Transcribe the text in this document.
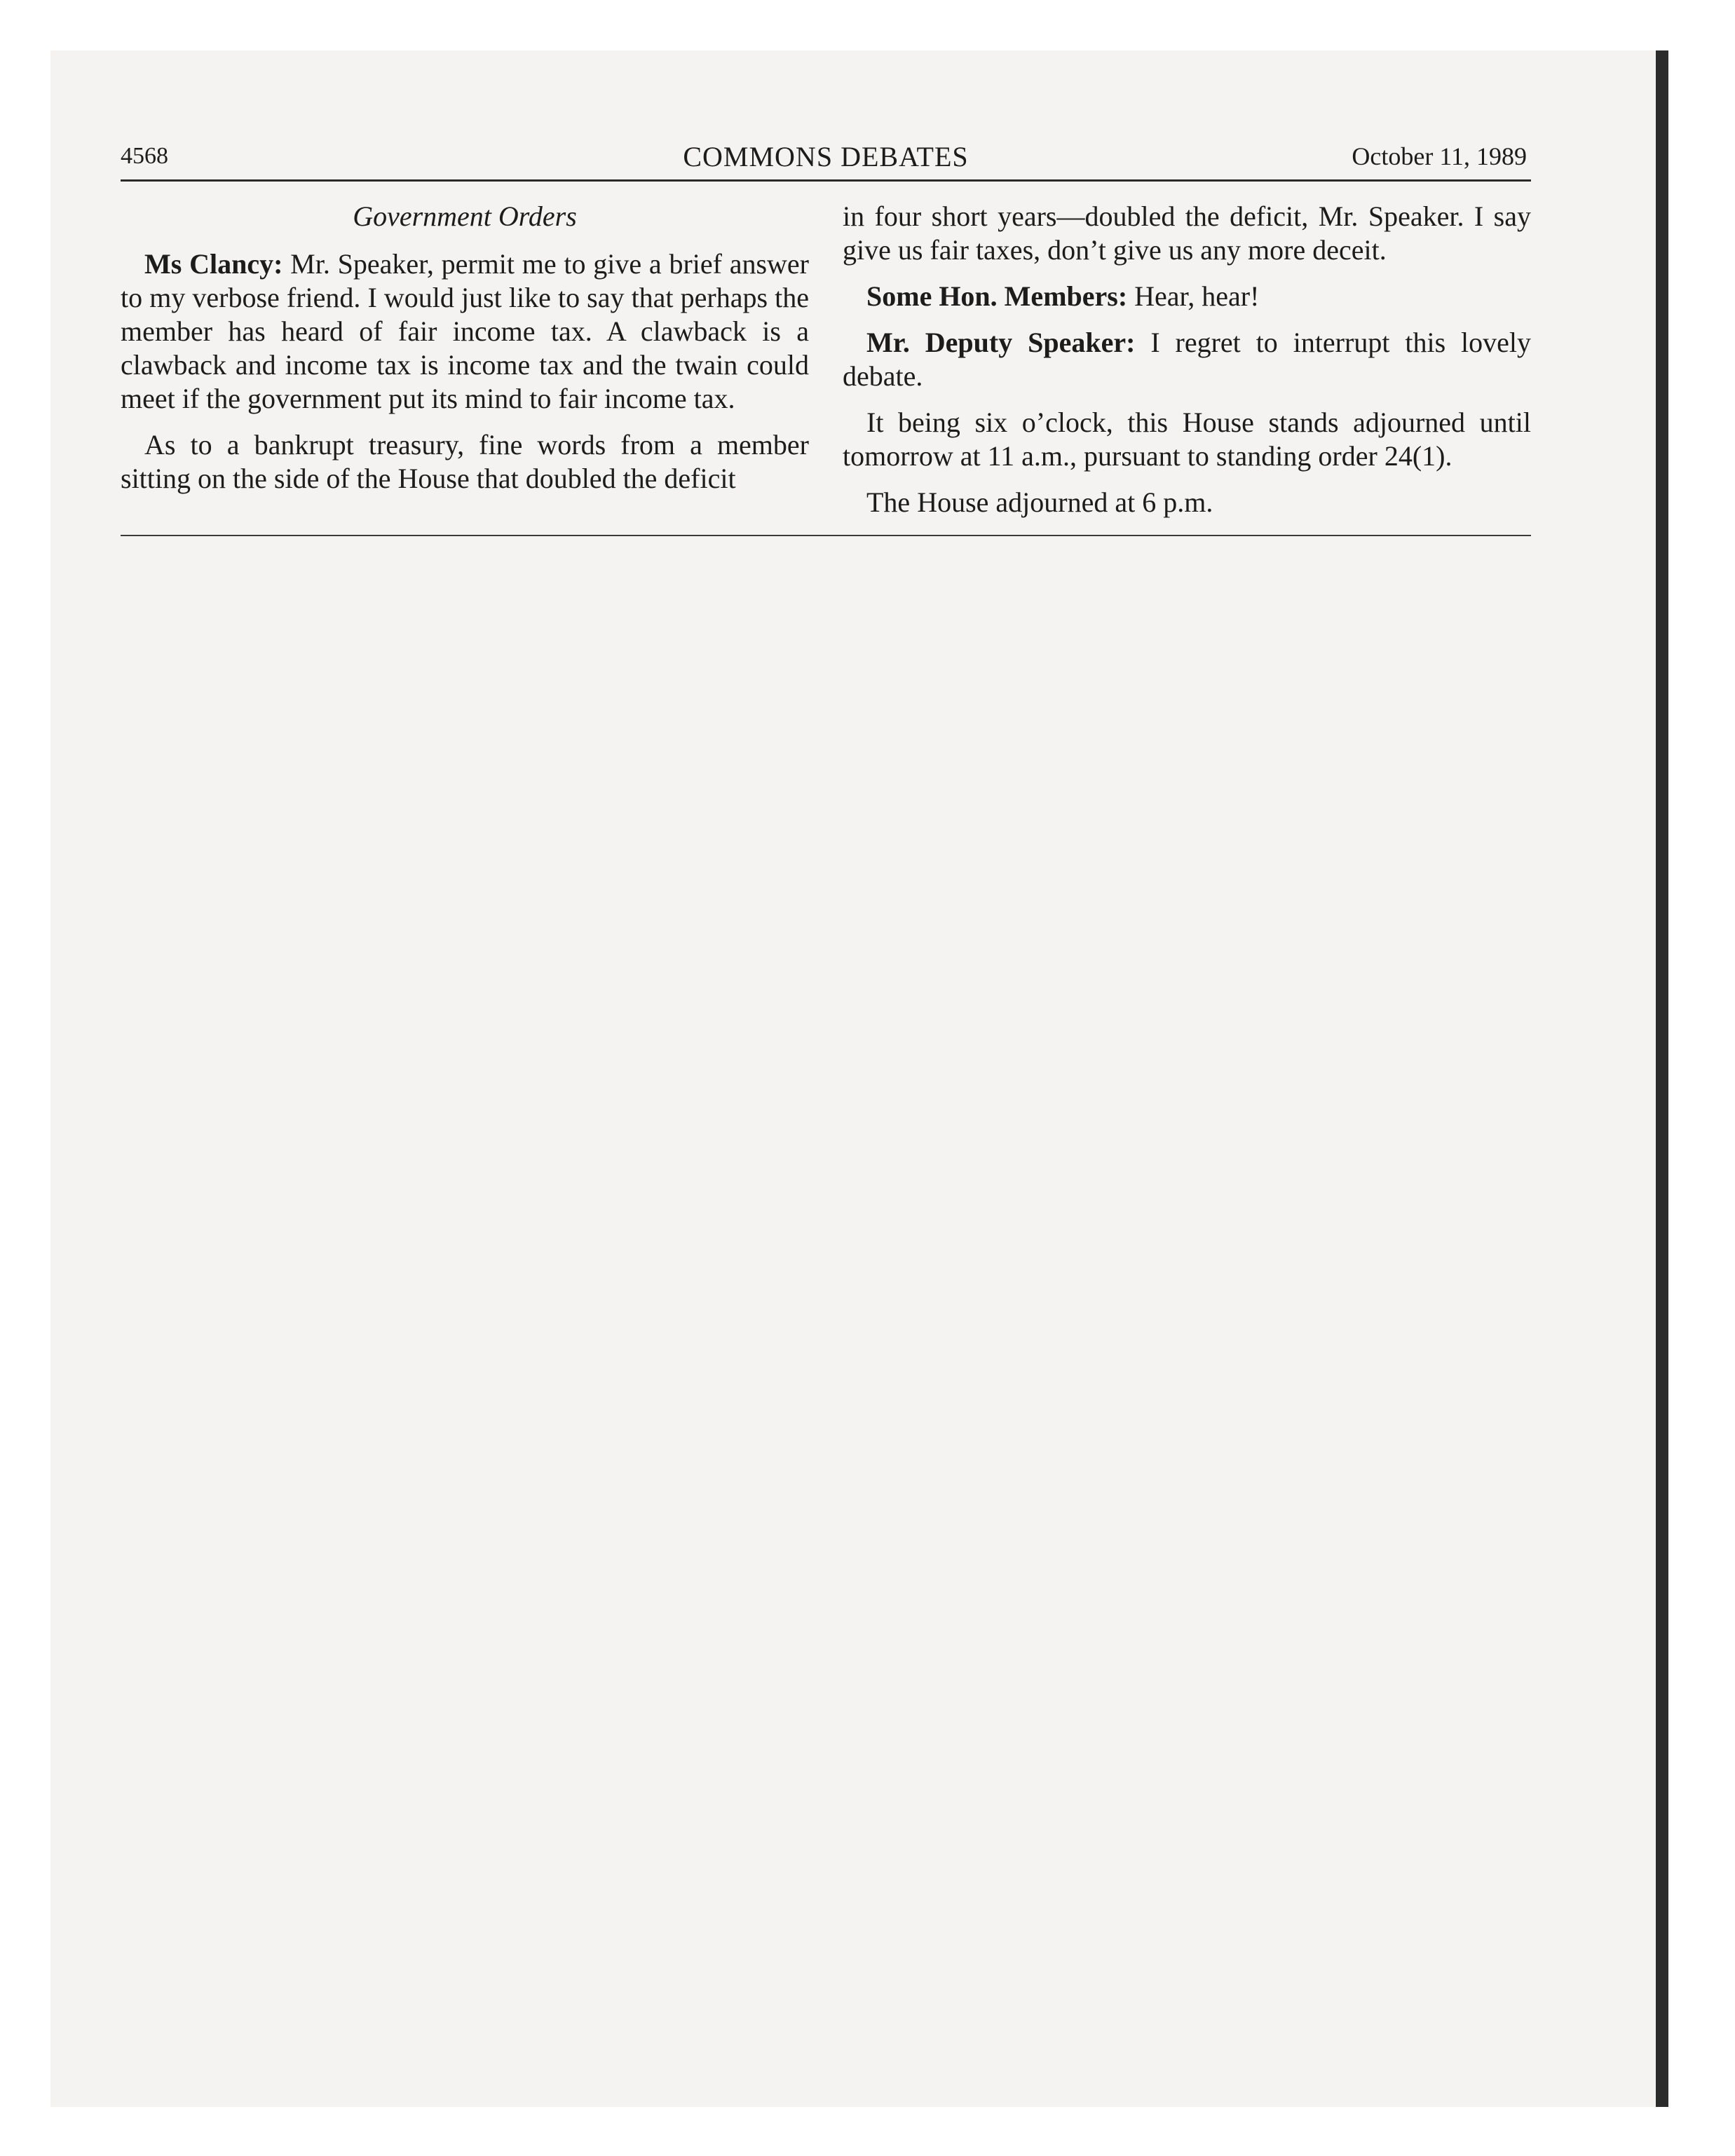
4568	COMMONS DEBATES	October 11, 1989
Government Orders

Ms Clancy: Mr. Speaker, permit me to give a brief answer to my verbose friend. I would just like to say that perhaps the member has heard of fair income tax. A clawback is a clawback and income tax is income tax and the twain could meet if the government put its mind to fair income tax.

As to a bankrupt treasury, fine words from a member sitting on the side of the House that doubled the deficit

in four short years—doubled the deficit, Mr. Speaker. I say give us fair taxes, don’t give us any more deceit.

Some Hon. Members: Hear, hear!

Mr. Deputy Speaker: I regret to interrupt this lovely debate.

It being six o’clock, this House stands adjourned until tomorrow at 11 a.m., pursuant to standing order 24(1).

The House adjourned at 6 p.m.
